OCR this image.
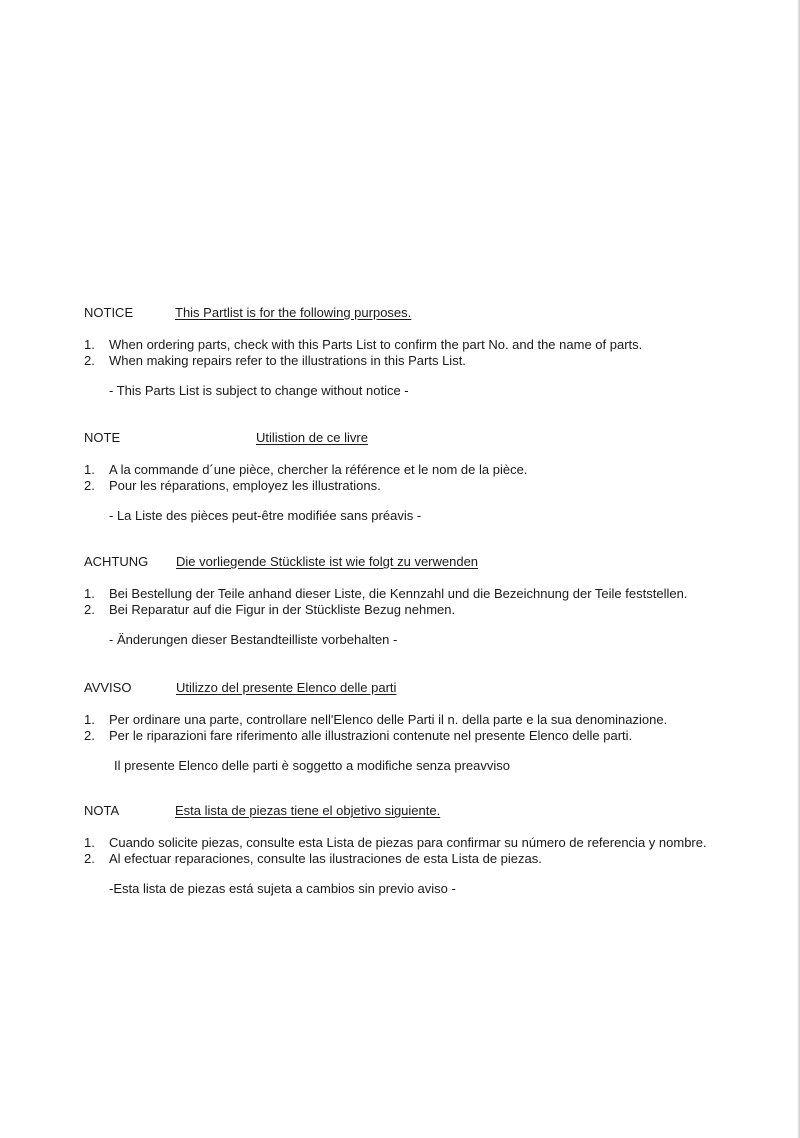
NOTICE	This Partlist is for the following purposes.
1.	When ordering parts, check with this Parts List to confirm the part No. and the name of parts.
2.	When making repairs refer to the illustrations in this Parts List.
- This Parts List is subject to change without notice -
NOTE	Utilistion de ce livre
1.	A la commande d´une pièce, chercher la référence et le nom de la pièce.
2.	Pour les réparations, employez les illustrations.
- La Liste des pièces peut-être modifiée sans préavis -
ACHTUNG Die vorliegende Stückliste ist wie folgt zu verwenden
1.	Bei Bestellung der Teile anhand dieser Liste, die Kennzahl und die Bezeichnung der Teile feststellen.
2.	Bei Reparatur auf die Figur in der Stückliste Bezug nehmen.
- Änderungen dieser Bestandteilliste vorbehalten -
AVVISO	Utilizzo del presente Elenco delle parti
1.	Per ordinare una parte, controllare nell'Elenco delle Parti il n. della parte e la sua denominazione.
2.	Per le riparazioni fare riferimento alle illustrazioni contenute nel presente Elenco delle parti.
Il presente Elenco delle parti è soggetto a modifiche senza preavviso
NOTA	Esta lista de piezas tiene el objetivo siguiente.
1.	Cuando solicite piezas, consulte esta Lista de piezas para confirmar su número de referencia y nombre.
2.	Al efectuar reparaciones, consulte las ilustraciones de esta Lista de piezas.
-Esta lista de piezas está sujeta a cambios sin previo aviso -
